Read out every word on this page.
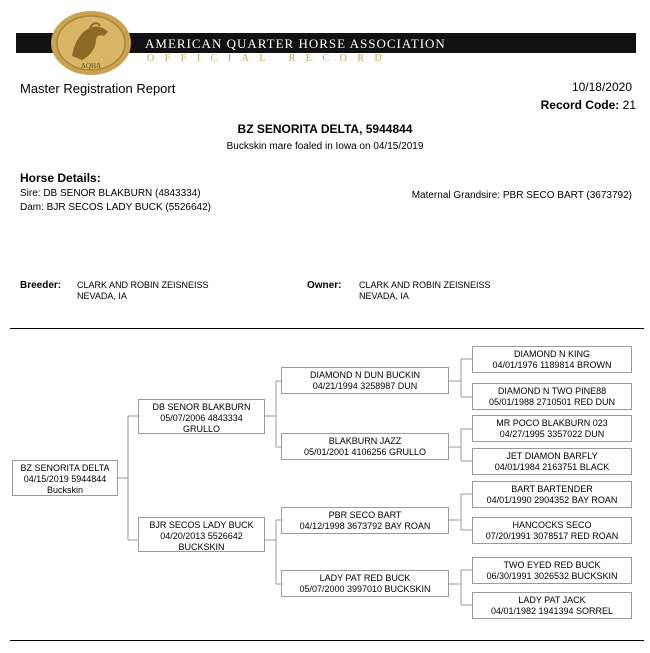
AQHA
AMERICAN QUARTER HORSE ASSOCIATION
OFFICIAL RECORD
Master Registration Report	10/18/2020
Record Code: 21
BZ SENORITA DELTA, 5944844
Buckskin mare foaled in Iowa on 04/15/2019
Horse Details:
Sire: DB SENOR BLAKBURN (4843334)
Dam: BJR SECOS LADY BUCK (5526642)
Maternal Grandsire: PBR SECO BART (3673792)
Breeder: CLARK AND ROBIN ZEISNEISS
NEVADA, IA
Owner: CLARK AND ROBIN ZEISNEISS
NEVADA, IA
BZ SENORITA DELTA
04/15/2019 5944844
Buckskin
DB SENOR BLAKBURN
05/07/2006 4843334
GRULLO
BJR SECOS LADY BUCK
04/20/2013 5526642
BUCKSKIN
DIAMOND N DUN BUCKIN
04/21/1994 3258987 DUN
BLAKBURN JAZZ
05/01/2001 4106256 GRULLO
PBR SECO BART
04/12/1998 3673792 BAY ROAN
LADY PAT RED BUCK
05/07/2000 3997010 BUCKSKIN
DIAMOND N KING
04/01/1976 1189814 BROWN
DIAMOND N TWO PINE88
05/01/1988 2710501 RED DUN
MR POCO BLAKBURN 023
04/27/1995 3357022 DUN
JET DIAMON BARFLY
04/01/1984 2163751 BLACK
BART BARTENDER
04/01/1990 2904352 BAY ROAN
HANCOCKS SECO
07/20/1991 3078517 RED ROAN
TWO EYED RED BUCK
06/30/1991 3026532 BUCKSKIN
LADY PAT JACK
04/01/1982 1941394 SORREL
